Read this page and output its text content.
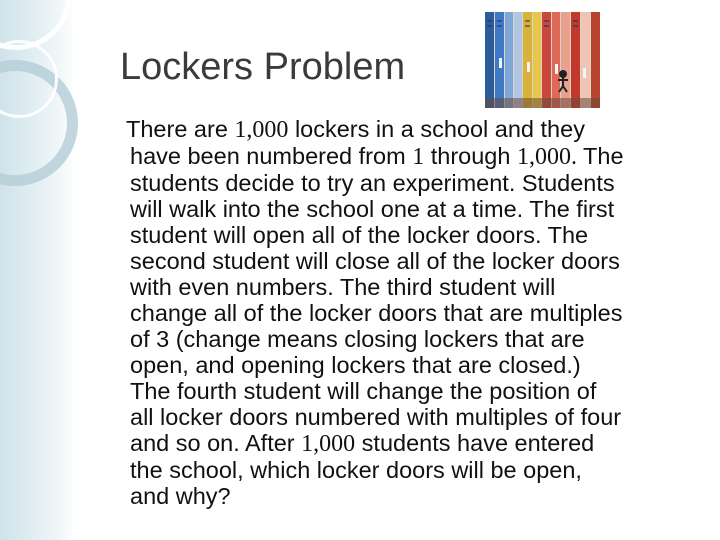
Lockers Problem

There are 1,000 lockers in a school and they
have been numbered from 1 through 1,000. The
students decide to try an experiment. Students
will walk into the school one at a time. The first
student will open all of the locker doors. The
second student will close all of the locker doors
with even numbers. The third student will
change all of the locker doors that are multiples
of 3 (change means closing lockers that are
open, and opening lockers that are closed.)
The fourth student will change the position of
all locker doors numbered with multiples of four
and so on. After 1,000 students have entered
the school, which locker doors will be open,
and why?
